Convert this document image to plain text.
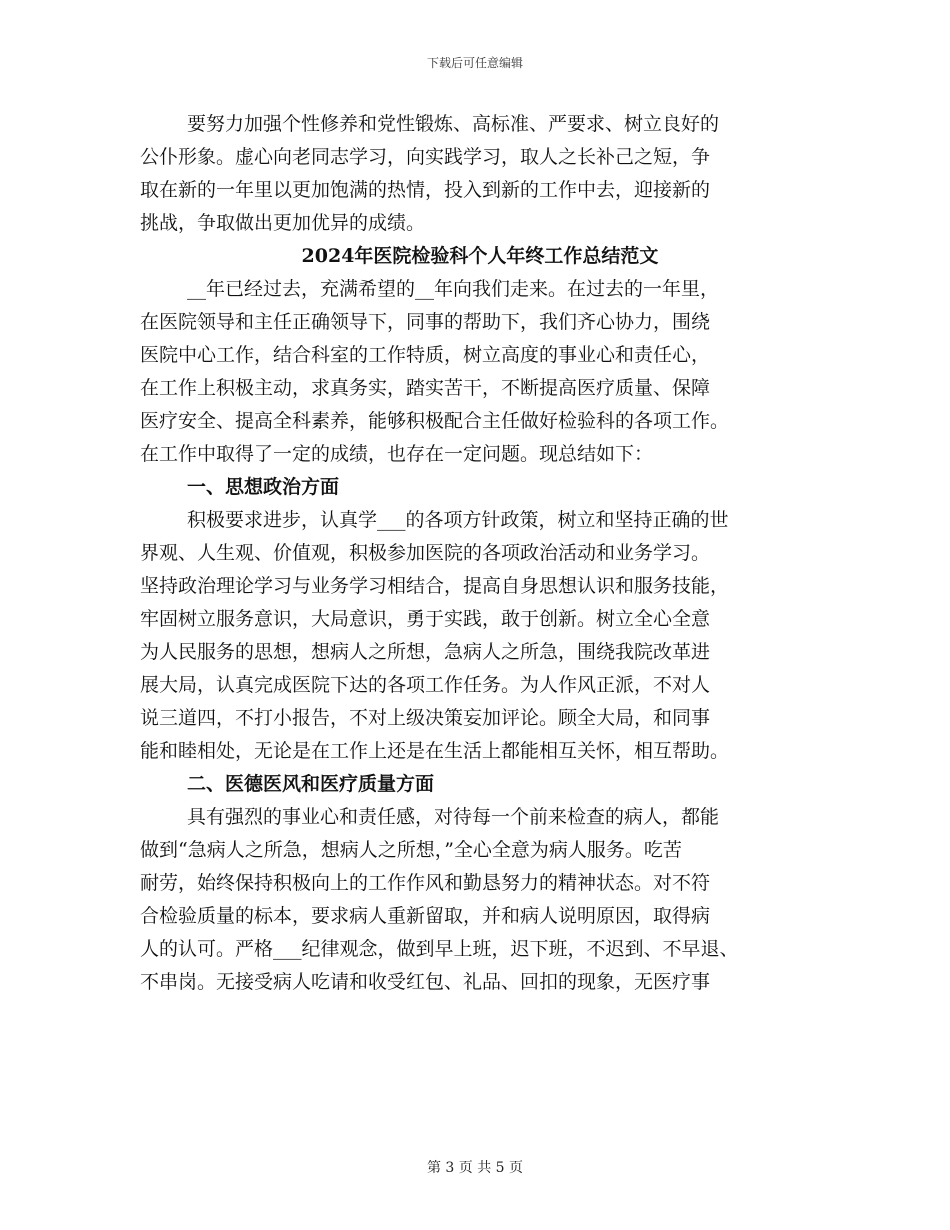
下载后可任意编辑
要努力加强个性修养和党性锻炼、高标准、严要求、树立良好的
公仆形象。虚心向老同志学习，向实践学习，取人之长补己之短，争
取在新的一年里以更加饱满的热情，投入到新的工作中去，迎接新的
挑战，争取做出更加优异的成绩。
2024年医院检验科个人年终工作总结范文
__年已经过去，充满希望的__年向我们走来。在过去的一年里，
在医院领导和主任正确领导下，同事的帮助下，我们齐心协力，围绕
医院中心工作，结合科室的工作特质，树立高度的事业心和责任心，
在工作上积极主动，求真务实，踏实苦干，不断提高医疗质量、保障
医疗安全、提高全科素养，能够积极配合主任做好检验科的各项工作。
在工作中取得了一定的成绩，也存在一定问题。现总结如下：
一、思想政治方面
积极要求进步，认真学___的各项方针政策，树立和坚持正确的世
界观、人生观、价值观，积极参加医院的各项政治活动和业务学习。
坚持政治理论学习与业务学习相结合，提高自身思想认识和服务技能，
牢固树立服务意识，大局意识，勇于实践，敢于创新。树立全心全意
为人民服务的思想，想病人之所想，急病人之所急，围绕我院改革进
展大局，认真完成医院下达的各项工作任务。为人作风正派，不对人
说三道四，不打小报告，不对上级决策妄加评论。顾全大局，和同事
能和睦相处，无论是在工作上还是在生活上都能相互关怀，相互帮助。
二、医德医风和医疗质量方面
具有强烈的事业心和责任感，对待每一个前来检查的病人，都能
做到“急病人之所急，想病人之所想，”全心全意为病人服务。吃苦
耐劳，始终保持积极向上的工作作风和勤恳努力的精神状态。对不符
合检验质量的标本，要求病人重新留取，并和病人说明原因，取得病
人的认可。严格___纪律观念，做到早上班，迟下班，不迟到、不早退、
不串岗。无接受病人吃请和收受红包、礼品、回扣的现象，无医疗事
第 3 页 共 5 页
